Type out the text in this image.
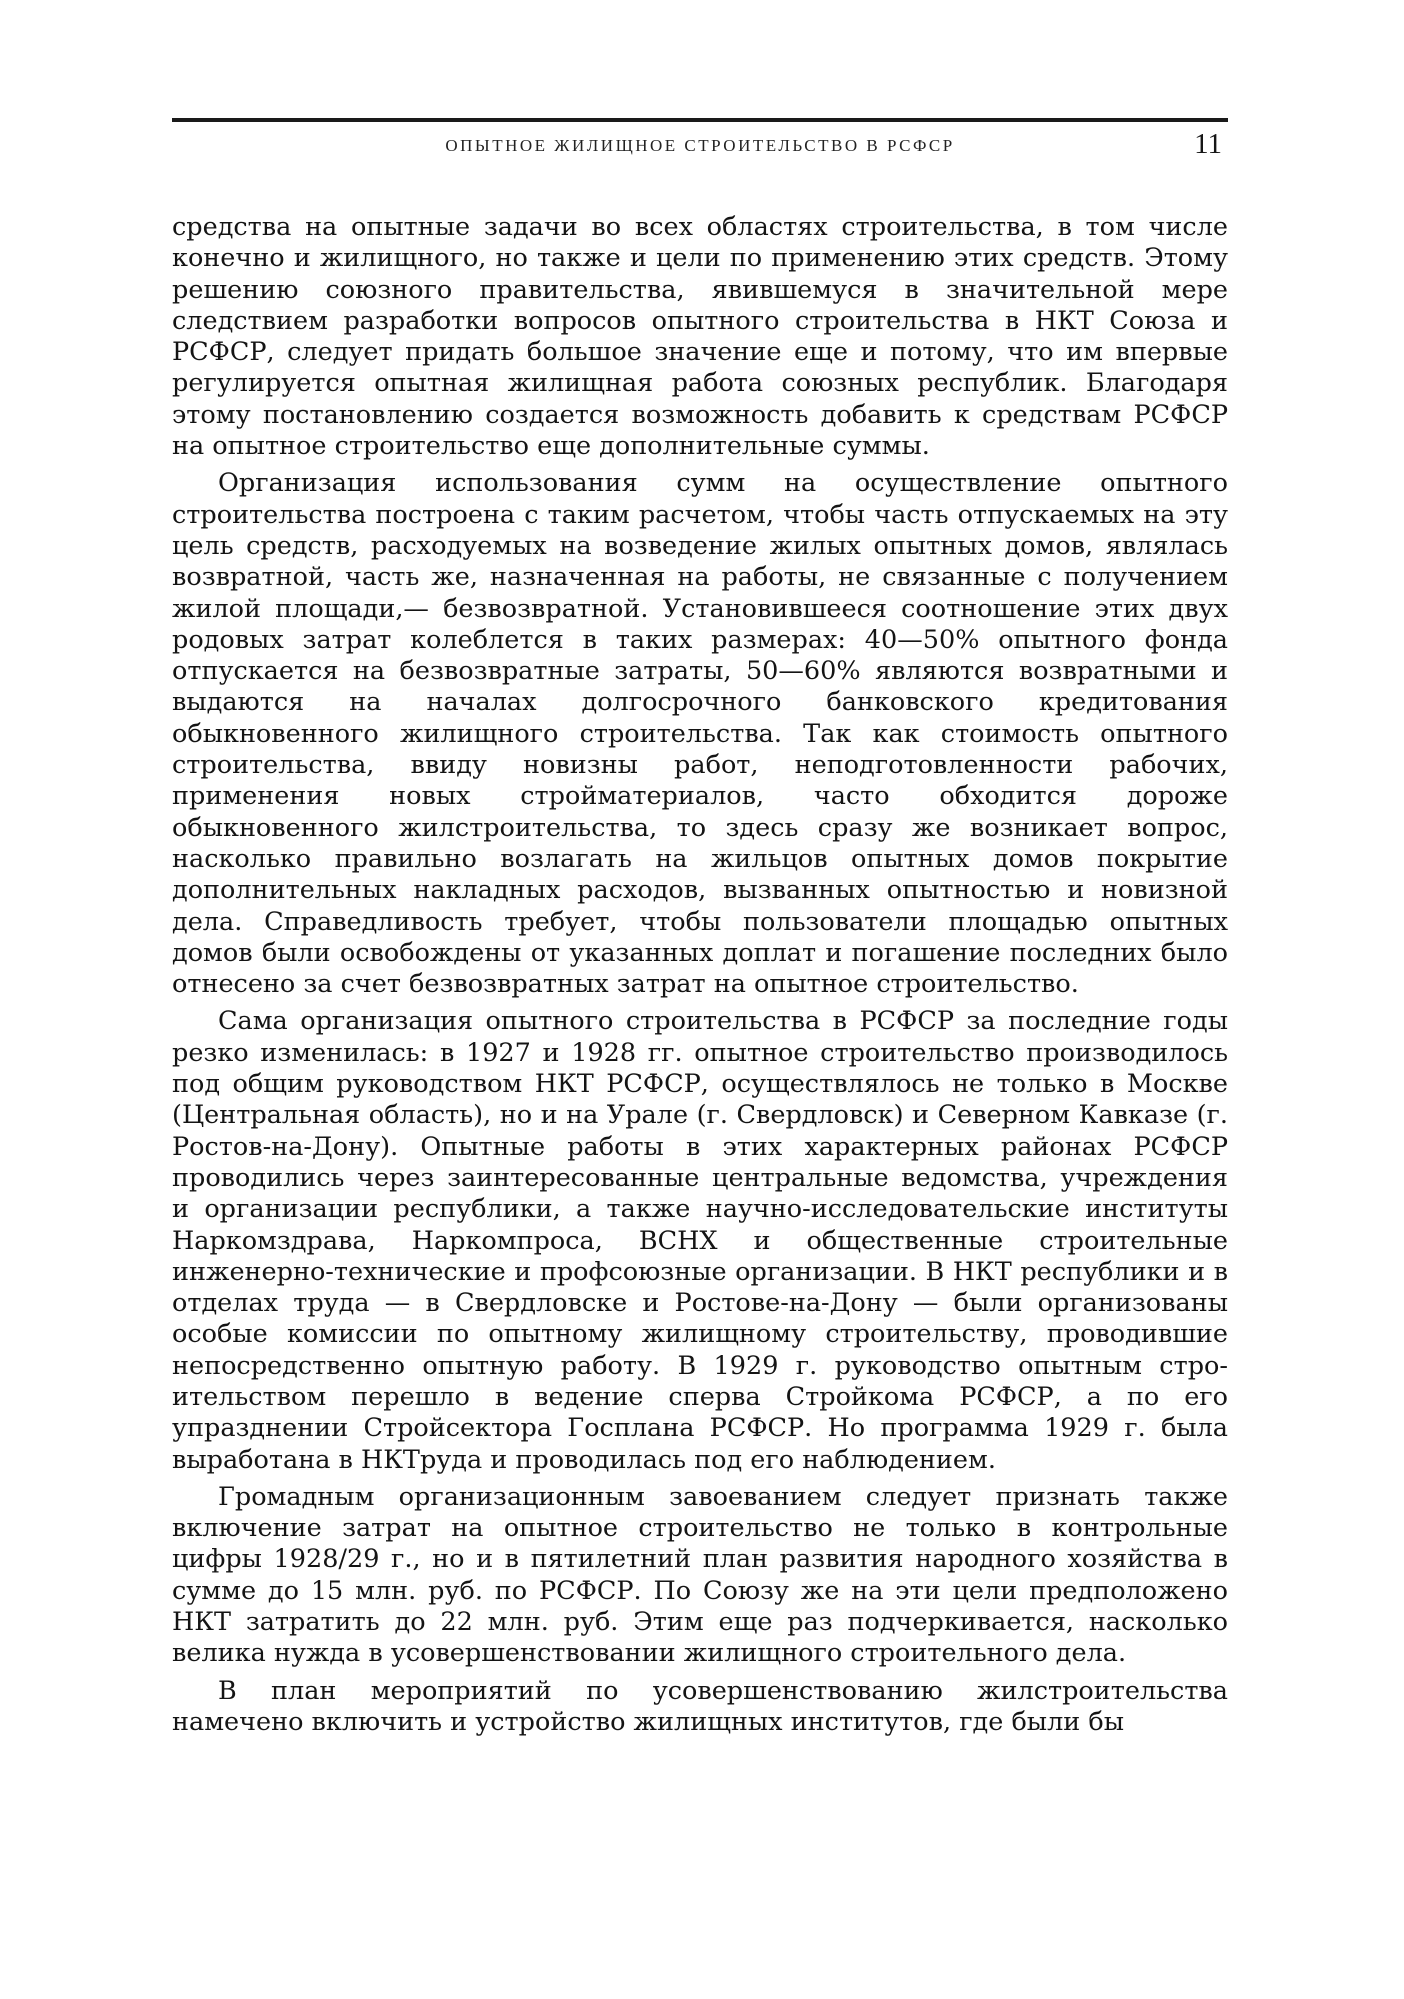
ОПЫТНОЕ ЖИЛИЩНОЕ СТРОИТЕЛЬСТВО В РСФСР	11

средства на опытные задачи во всех областях строительства, в том числе конечно и жилищного, но также и цели по применению этих средств. Этому решению союзного правительства, явившемуся в значительной мере следствием разработки вопросов опытного строительства в НКТ Союза и РСФСР, следует придать большое значение еще и потому, что им впервые регулируется опытная жилищная работа союзных республик. Благодаря этому постановлению создается возможность добавить к средствам РСФСР на опытное строительство еще дополнительные суммы.

Организация использования сумм на осуществление опытного строительства построена с таким расчетом, чтобы часть отпускаемых на эту цель средств, расходуемых на возведение жилых опытных домов, являлась возвратной, часть же, назначенная на работы, не связанные с получением жилой площади,— безвозвратной. Установившееся соотношение этих двух родовых затрат колеблется в таких размерах: 40—50% опытного фонда отпускается на безвозвратные затраты, 50—60% являются возвратными и выдаются на началах долгосрочного банковского кредитования обыкновенного жилищного строительства. Так как стоимость опытного строительства, ввиду новизны работ, неподготовленности рабочих, применения новых стройматериалов, часто обходится дороже обыкновенного жилстроительства, то здесь сразу же возникает вопрос, насколько правильно возлагать на жильцов опытных домов покрытие дополнительных накладных расходов, вызванных опытностью и новизной дела. Справедливость требует, чтобы пользователи площадью опытных домов были освобождены от указанных доплат и погашение последних было отнесено за счет безвозвратных затрат на опытное строительство.

Сама организация опытного строительства в РСФСР за последние годы резко изменилась: в 1927 и 1928 гг. опытное строительство производилось под общим руководством НКТ РСФСР, осуществлялось не только в Москве (Центральная область), но и на Урале (г. Свердловск) и Северном Кавказе (г. Ростов-на-Дону). Опытные работы в этих характерных районах РСФСР проводились через заинтересованные центральные ведомства, учреждения и организации республики, а также научно-исследовательские институты Наркомздрава, Наркомпроса, ВСНХ и общественные строительные инженерно-технические и профсоюзные организации. В НКТ республики и в отделах труда — в Свердловске и Ростове-на-Дону — были организованы особые комиссии по опытному жилищному строительству, проводившие непосредственно опытную работу. В 1929 г. руководство опытным строительством перешло в ведение сперва Стройкома РСФСР, а по его упразднении Стройсектора Госплана РСФСР. Но программа 1929 г. была выработана в НКТруда и проводилась под его наблюдением.

Громадным организационным завоеванием следует признать также включение затрат на опытное строительство не только в контрольные цифры 1928/29 г., но и в пятилетний план развития народного хозяйства в сумме до 15 млн. руб. по РСФСР. По Союзу же на эти цели предположено НКТ затратить до 22 млн. руб. Этим еще раз подчеркивается, насколько велика нужда в усовершенствовании жилищного строительного дела.

В план мероприятий по усовершенствованию жилстроительства намечено включить и устройство жилищных институтов, где были бы
